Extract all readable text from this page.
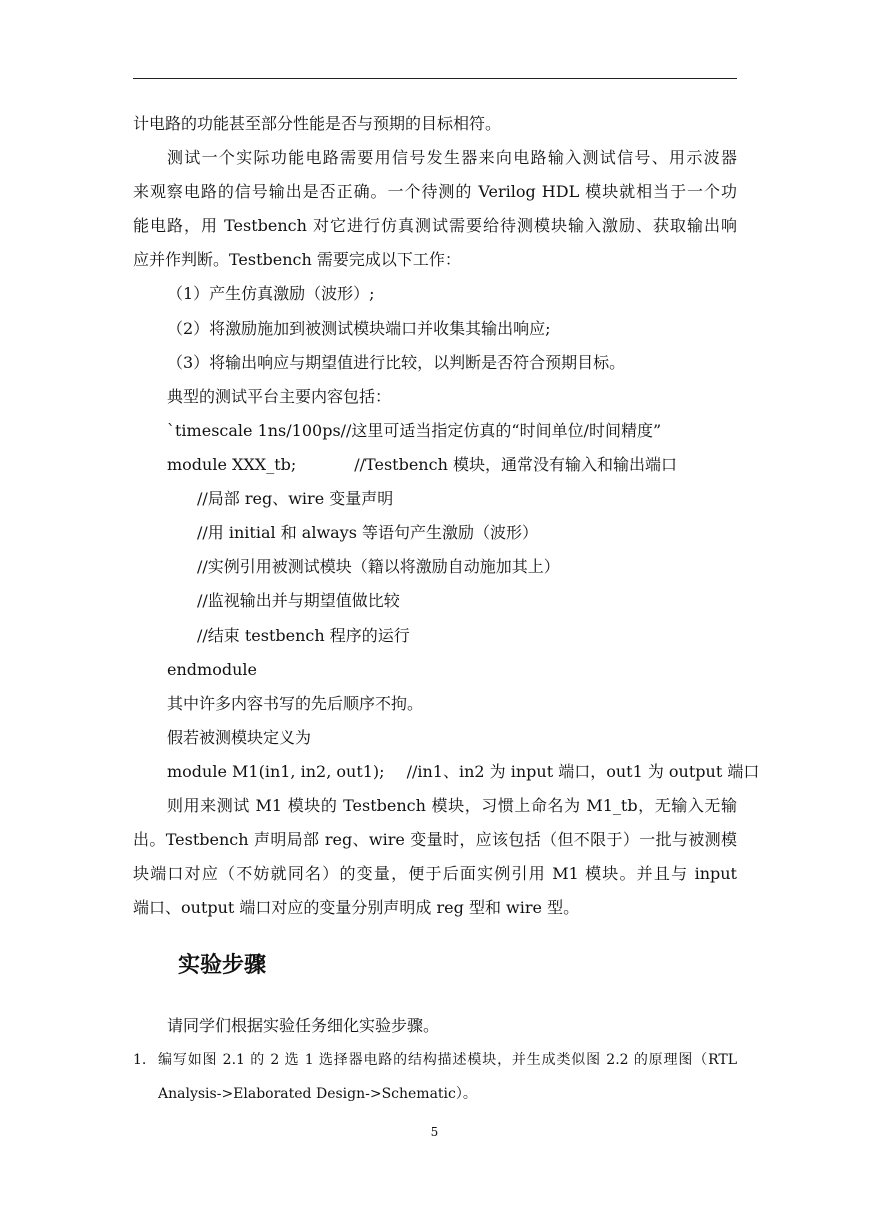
计电路的功能甚至部分性能是否与预期的目标相符。
测试一个实际功能电路需要用信号发生器来向电路输入测试信号、用示波器
来观察电路的信号输出是否正确。一个待测的 Verilog HDL 模块就相当于一个功
能电路，用 Testbench 对它进行仿真测试需要给待测模块输入激励、获取输出响
应并作判断。Testbench 需要完成以下工作：
（1）产生仿真激励（波形）;
（2）将激励施加到被测试模块端口并收集其输出响应;
（3）将输出响应与期望值进行比较，以判断是否符合预期目标。
典型的测试平台主要内容包括：
`timescale 1ns/100ps//这里可适当指定仿真的“时间单位/时间精度”
module XXX_tb;	//Testbench 模块，通常没有输入和输出端口
//局部 reg、wire 变量声明
//用 initial 和 always 等语句产生激励（波形）
//实例引用被测试模块（籍以将激励自动施加其上）
//监视输出并与期望值做比较
//结束 testbench 程序的运行
endmodule
其中许多内容书写的先后顺序不拘。
假若被测模块定义为
module M1(in1, in2, out1); //in1、in2 为 input 端口，out1 为 output 端口
则用来测试 M1 模块的 Testbench 模块，习惯上命名为 M1_tb，无输入无输
出。Testbench 声明局部 reg、wire 变量时，应该包括（但不限于）一批与被测模
块端口对应（不妨就同名）的变量，便于后面实例引用 M1 模块。并且与 input
端口、output 端口对应的变量分别声明成 reg 型和 wire 型。
实验步骤
请同学们根据实验任务细化实验步骤。
1. 编写如图 2.1 的 2 选 1 选择器电路的结构描述模块，并生成类似图 2.2 的原理图（RTL
Analysis->Elaborated Design->Schematic）。
5
